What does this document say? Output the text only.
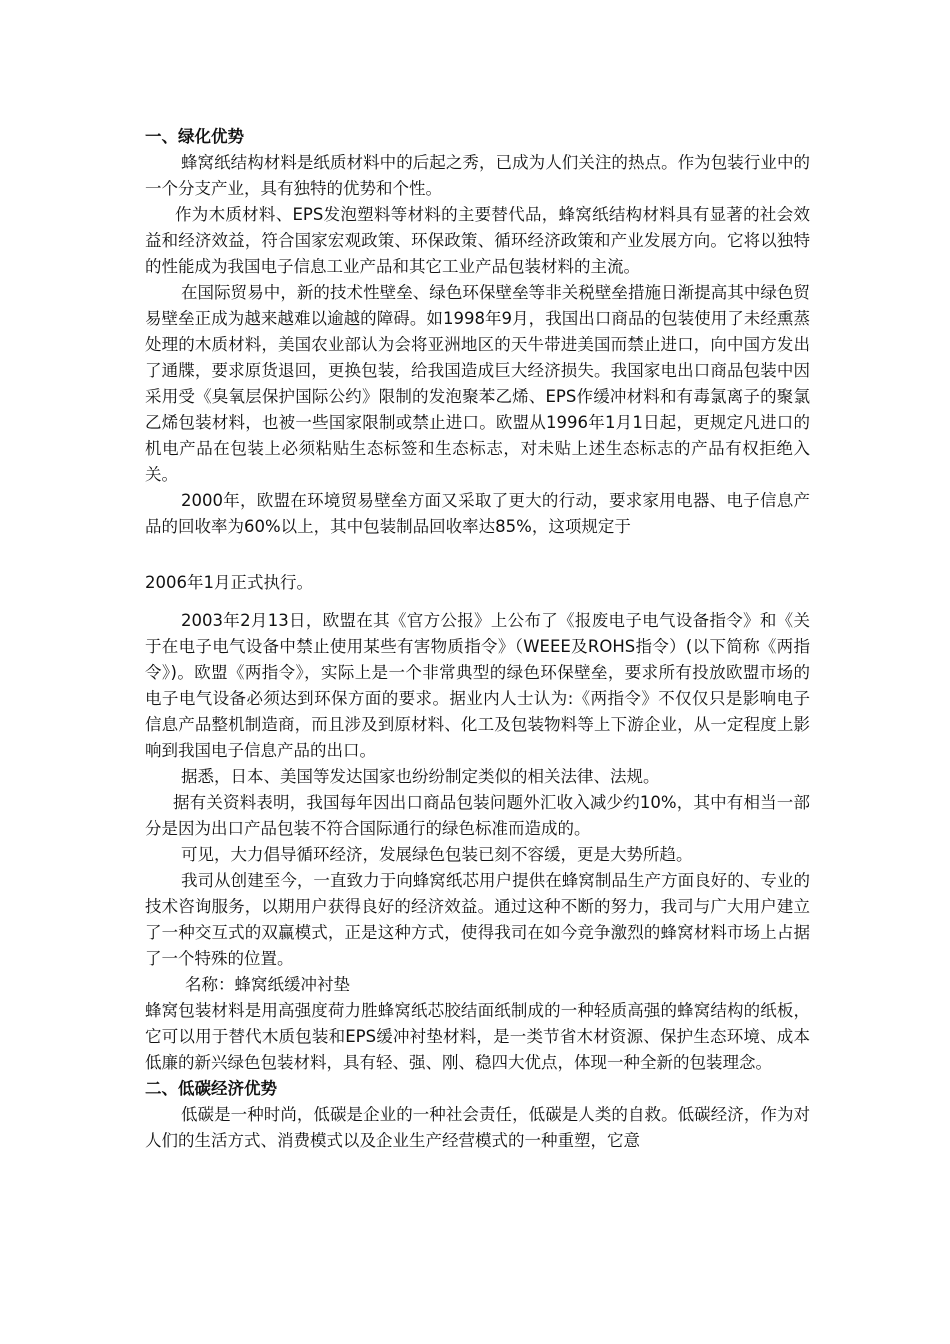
一、绿化优势

蜂窝纸结构材料是纸质材料中的后起之秀，已成为人们关注的热点。作为包装行业中的一个分支产业，具有独特的优势和个性。

作为木质材料、EPS发泡塑料等材料的主要替代品，蜂窝纸结构材料具有显著的社会效益和经济效益，符合国家宏观政策、环保政策、循环经济政策和产业发展方向。它将以独特的性能成为我国电子信息工业产品和其它工业产品包装材料的主流。

在国际贸易中，新的技术性壁垒、绿色环保壁垒等非关税壁垒措施日渐提高其中绿色贸易壁垒正成为越来越难以逾越的障碍。如1998年9月，我国出口商品的包装使用了未经熏蒸处理的木质材料，美国农业部认为会将亚洲地区的天牛带进美国而禁止进口，向中国方发出了通牒，要求原货退回，更换包装，给我国造成巨大经济损失。我国家电出口商品包装中因采用受《臭氧层保护国际公约》限制的发泡聚苯乙烯、EPS作缓冲材料和有毒氯离子的聚氯乙烯包装材料，也被一些国家限制或禁止进口。欧盟从1996年1月1日起，更规定凡进口的机电产品在包装上必须粘贴生态标签和生态标志，对未贴上述生态标志的产品有权拒绝入关。

2000年，欧盟在环境贸易壁垒方面又采取了更大的行动，要求家用电器、电子信息产品的回收率为60%以上，其中包装制品回收率达85%，这项规定于

2006年1月正式执行。

2003年2月13日，欧盟在其《官方公报》上公布了《报废电子电气设备指令》和《关于在电子电气设备中禁止使用某些有害物质指令》（WEEE及ROHS指令）(以下简称《两指令》)。欧盟《两指令》，实际上是一个非常典型的绿色环保壁垒，要求所有投放欧盟市场的电子电气设备必须达到环保方面的要求。据业内人士认为:《两指令》不仅仅只是影响电子信息产品整机制造商，而且涉及到原材料、化工及包装物料等上下游企业，从一定程度上影响到我国电子信息产品的出口。

据悉，日本、美国等发达国家也纷纷制定类似的相关法律、法规。

据有关资料表明，我国每年因出口商品包装问题外汇收入减少约10%，其中有相当一部分是因为出口产品包装不符合国际通行的绿色标准而造成的。

可见，大力倡导循环经济，发展绿色包装已刻不容缓，更是大势所趋。

我司从创建至今，一直致力于向蜂窝纸芯用户提供在蜂窝制品生产方面良好的、专业的技术咨询服务，以期用户获得良好的经济效益。通过这种不断的努力，我司与广大用户建立了一种交互式的双赢模式，正是这种方式，使得我司在如今竞争激烈的蜂窝材料市场上占据了一个特殊的位置。

名称：蜂窝纸缓冲衬垫

蜂窝包装材料是用高强度荷力胜蜂窝纸芯胶结面纸制成的一种轻质高强的蜂窝结构的纸板，它可以用于替代木质包装和EPS缓冲衬垫材料，是一类节省木材资源、保护生态环境、成本低廉的新兴绿色包装材料，具有轻、强、刚、稳四大优点，体现一种全新的包装理念。

二、低碳经济优势

低碳是一种时尚，低碳是企业的一种社会责任，低碳是人类的自救。低碳经济，作为对人们的生活方式、消费模式以及企业生产经营模式的一种重塑，它意
